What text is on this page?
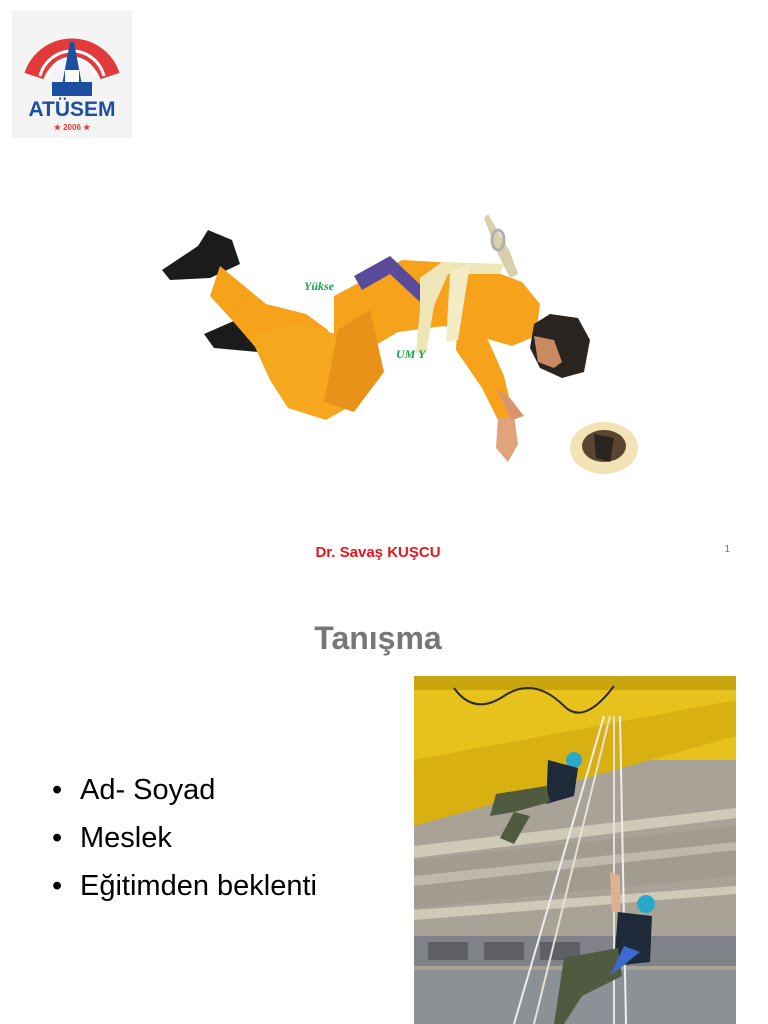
ATÜSEM
★ 2006 ★
Yükse
UM Y
Dr. Savaş KUŞCU	1
Tanışma
• Ad- Soyad
• Meslek
• Eğitimden beklenti
